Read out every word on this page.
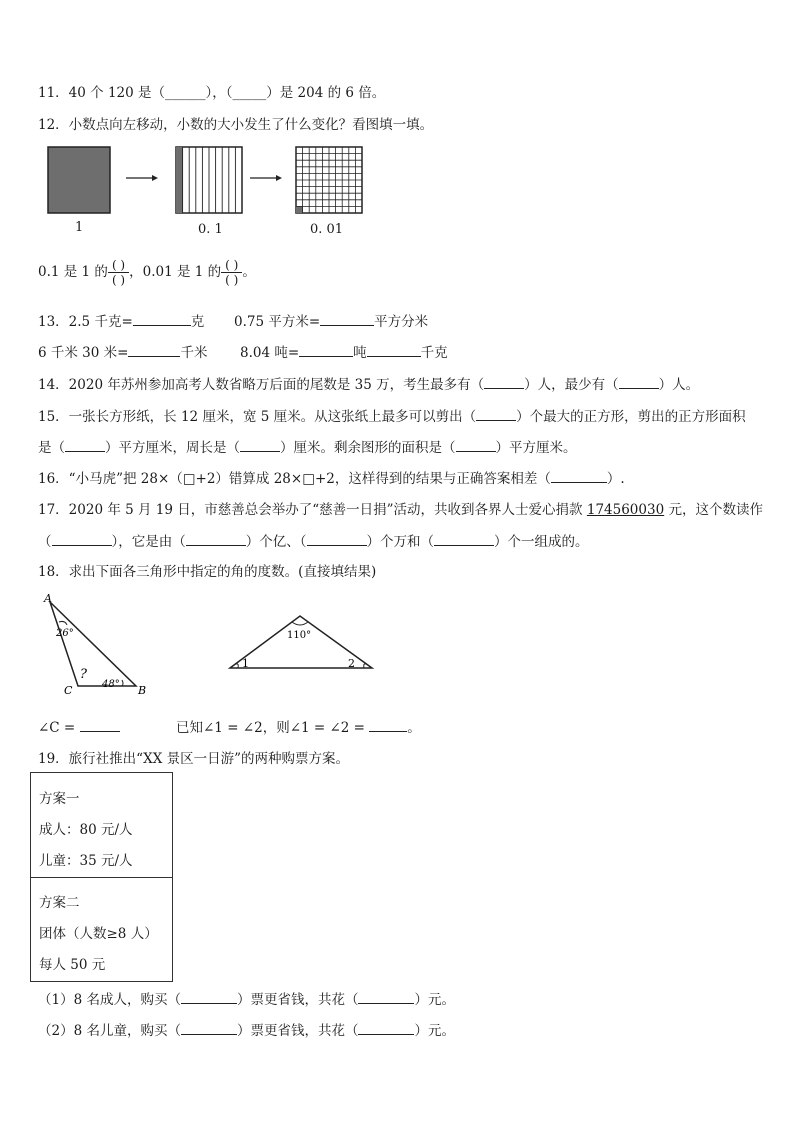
11．40 个 120 是（______），（_____）是 204 的 6 倍。
12．小数点向左移动，小数的大小发生了什么变化？看图填一填。
1	0. 1	0. 01
0.1 是 1 的 $\frac{( )}{( )}$ ，0.01 是 1 的 $\frac{( )}{( )}$ 。
13．2.5 千克=	克 0.75 平方米=	平方分米
6 千米 30 米=	千米 8.04 吨=	吨	千克
14．2020 年苏州参加高考人数省略万后面的尾数是 35 万，考生最多有（	）人，最少有（	）人。
15．一张长方形纸，长 12 厘米，宽 5 厘米。从这张纸上最多可以剪出（	）个最大的正方形，剪出的正方形面积
是（	）平方厘米，周长是（	）厘米。剩余图形的面积是（	）平方厘米。
16．“小马虎”把 28×（□+2）错算成 28×□+2，这样得到的结果与正确答案相差（	）.
17．2020 年 5 月 19 日，市慈善总会举办了“慈善一日捐”活动，共收到各界人士爱心捐款 174560030 元，这个数读作
（	），它是由（	）个亿、（	）个万和（	）个一组成的。
18．求出下面各三角形中指定的角的度数。(直接填结果)
A
B
C
26°
?
48°
110°
1	2
∠C =	已知∠1 = ∠2，则∠1 = ∠2 =	。
19．旅行社推出“XX 景区一日游”的两种购票方案。
方案一
成人：80 元/人
儿童：35 元/人
方案二
团体（人数≥8 人）
每人 50 元
（1）8 名成人，购买（	）票更省钱，共花（	）元。
（2）8 名儿童，购买（	）票更省钱，共花（	）元。
